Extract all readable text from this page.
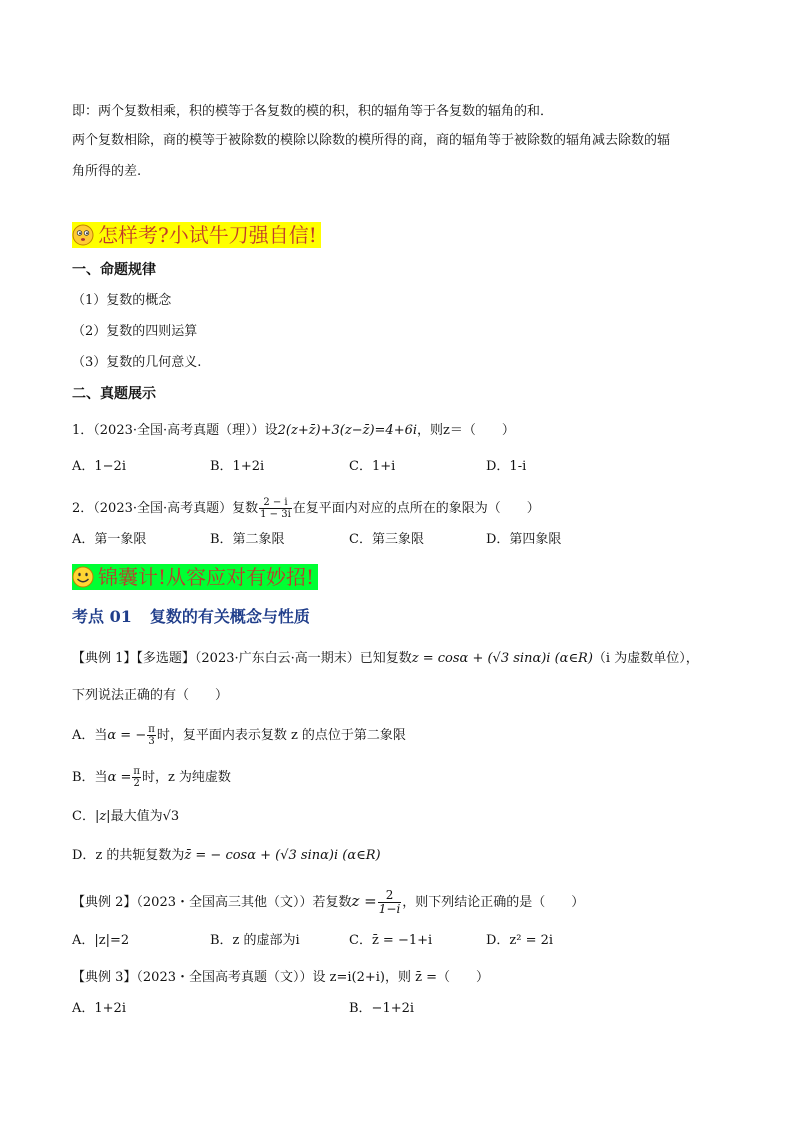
即：两个复数相乘，积的模等于各复数的模的积，积的辐角等于各复数的辐角的和．
两个复数相除，商的模等于被除数的模除以除数的模所得的商，商的辐角等于被除数的辐角减去除数的辐
角所得的差.
怎样考?小试牛刀强自信!
一、命题规律
（1）复数的概念
（2）复数的四则运算
（3）复数的几何意义.
二、真题展示
1．（2023·全国·高考真题（理））设2(z+z̄)+3(z−z̄)=4+6i，则z＝（　　）
A．1−2i	B．1+2i	C．1+i	D．1-i
2．（2023·全国·高考真题）复数 $\frac{2 - i}{1 - 3i}$ 在复平面内对应的点所在的象限为（　　）
A．第一象限	B．第二象限	C．第三象限	D．第四象限
锦囊计!从容应对有妙招!
考点 01 复数的有关概念与性质
【典例 1】【多选题】（2023·广东白云·高一期末）已知复数z = cosα + (√3 sinα)i (α∈R)（i 为虚数单位），
下列说法正确的有（　　）
A．当α = − $\frac{\pi}{3}$ 时，复平面内表示复数 z 的点位于第二象限
B．当$\alpha = \frac{\pi}{2}$ 时，z 为纯虚数
C．|z|最大值为√3
D．z 的共轭复数为z̄ = − cosα + (√3 sinα)i (α∈R)
【典例 2】（2023・全国高三其他（文））若复数$z = \frac{2}{1-i}$ ，则下列结论正确的是（　　）
A．|z|=2	B．z 的虚部为i	C．z̄ = −1+i	D．z² = 2i
【典例 3】（2023・全国高考真题（文））设 z=i(2+i)，则 z̄ =（　　）
A．1+2i	B．−1+2i
